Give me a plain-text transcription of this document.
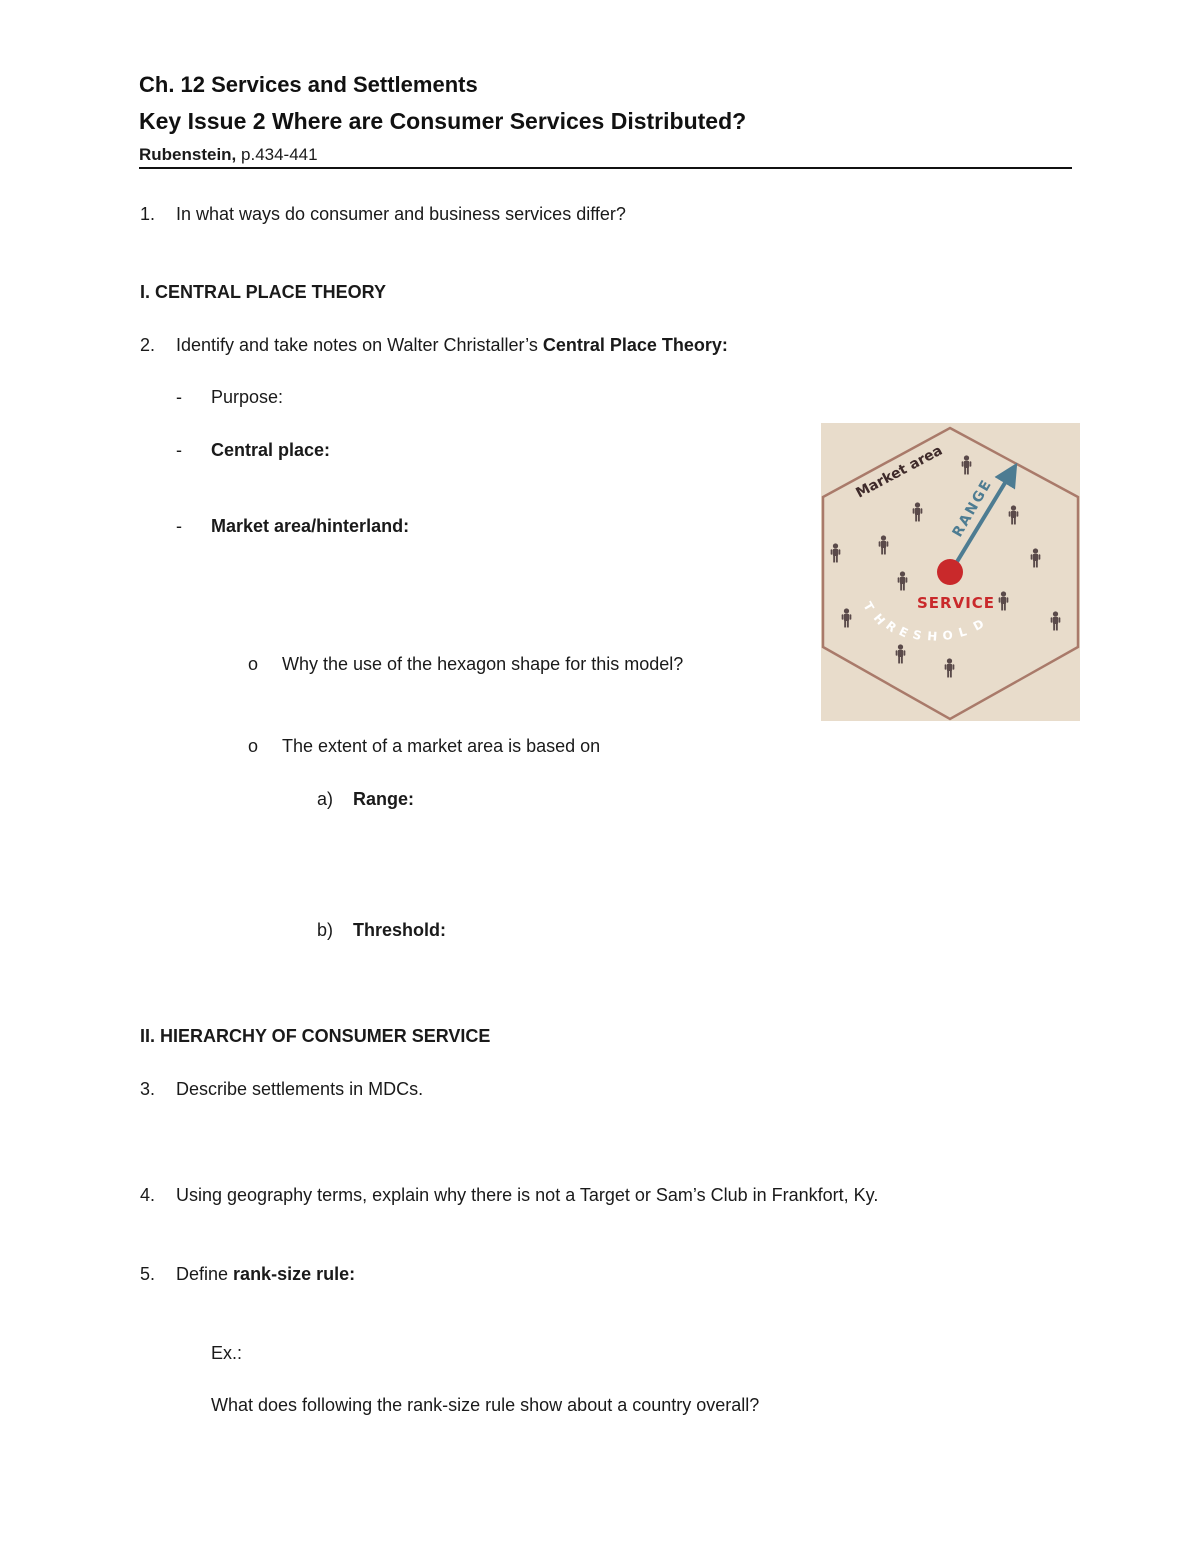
Ch. 12 Services and Settlements
Key Issue 2 Where are Consumer Services Distributed?
Rubenstein, p.434-441
1. In what ways do consumer and business services differ?
I. CENTRAL PLACE THEORY
2. Identify and take notes on Walter Christaller’s Central Place Theory:
- Purpose:
- Central place:
- Market area/hinterland:
o Why the use of the hexagon shape for this model?
o The extent of a market area is based on
a) Range:
b) Threshold:
II. HIERARCHY OF CONSUMER SERVICE
3. Describe settlements in MDCs.
4. Using geography terms, explain why there is not a Target or Sam’s Club in Frankfort, Ky.
5. Define rank-size rule:
Ex.:
What does following the rank-size rule show about a country overall?
RANGE
Market area
SERVICE
T
H
R
E S H O L D
